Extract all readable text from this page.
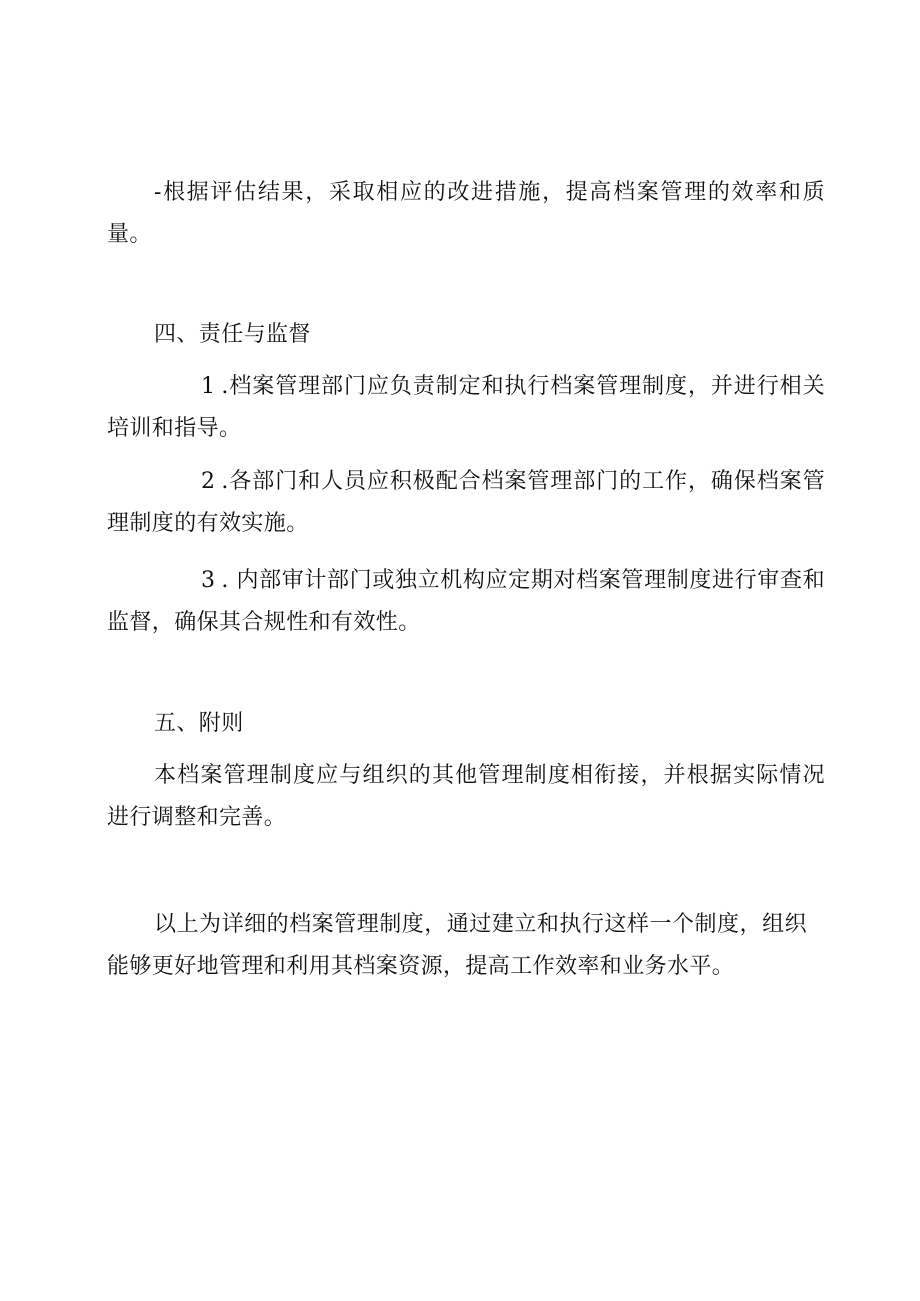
-根据评估结果，采取相应的改进措施，提高档案管理的效率和质量。

四、责任与监督

1 .档案管理部门应负责制定和执行档案管理制度，并进行相关培训和指导。

2 .各部门和人员应积极配合档案管理部门的工作，确保档案管理制度的有效实施。

3 . 内部审计部门或独立机构应定期对档案管理制度进行审查和监督，确保其合规性和有效性。

五、附则

本档案管理制度应与组织的其他管理制度相衔接，并根据实际情况进行调整和完善。

以上为详细的档案管理制度，通过建立和执行这样一个制度，组织能够更好地管理和利用其档案资源，提高工作效率和业务水平。
